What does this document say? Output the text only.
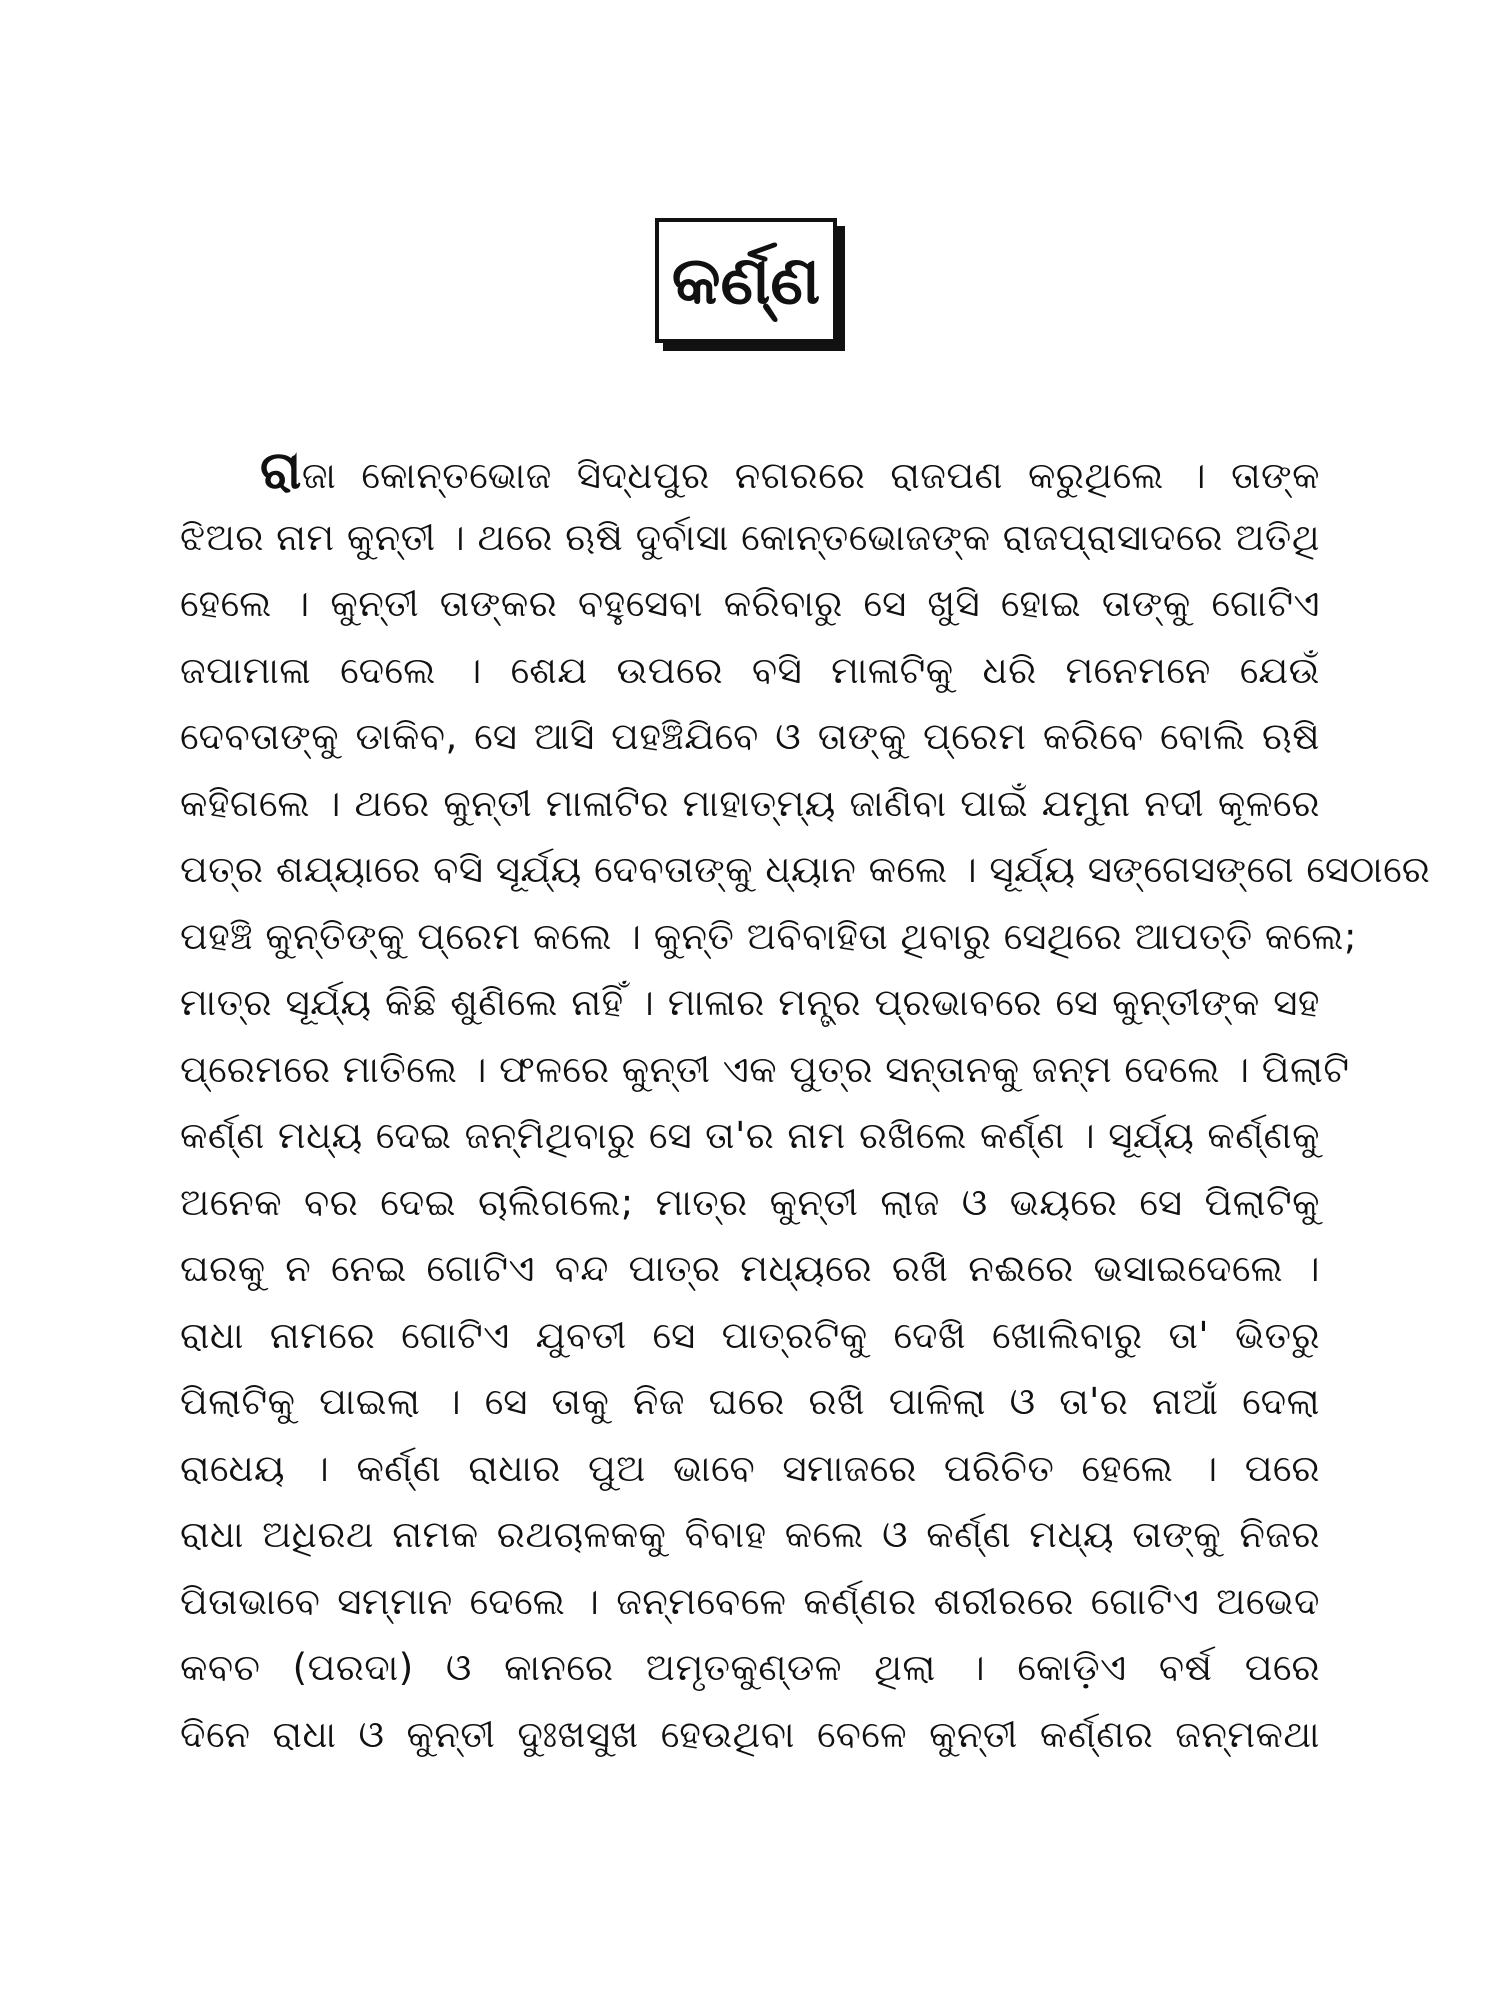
କର୍ଣ୍ଣ
ରାଜା କୋନ୍ତଭୋଜ ସିଦ୍ଧପୁର ନଗରରେ ରାଜପଣ କରୁଥିଲେ । ତାଙ୍କ
ଝିଅର ନାମ କୁନ୍ତୀ । ଥରେ ଋଷି ଦୁର୍ବାସା କୋନ୍ତଭୋଜଙ୍କ ରାଜପ୍ରାସାଦରେ ଅତିଥି
ହେଲେ । କୁନ୍ତୀ ତାଙ୍କର ବହୁସେବା କରିବାରୁ ସେ ଖୁସି ହୋଇ ତାଙ୍କୁ ଗୋଟିଏ
ଜପାମାଳା ଦେଲେ । ଶେଯ ଉପରେ ବସି ମାଳାଟିକୁ ଧରି ମନେମନେ ଯେଉଁ
ଦେବତାଙ୍କୁ ଡାକିବ, ସେ ଆସି ପହଞ୍ଚିଯିବେ ଓ ତାଙ୍କୁ ପ୍ରେମ କରିବେ ବୋଲି ଋଷି
କହିଗଲେ । ଥରେ କୁନ୍ତୀ ମାଳାଟିର ମାହାତ୍ମ୍ୟ ଜାଣିବା ପାଇଁ ଯମୁନା ନଦୀ କୂଳରେ
ପତ୍ର ଶଯ୍ୟାରେ ବସି ସୂର୍ଯ୍ୟ ଦେବତାଙ୍କୁ ଧ୍ୟାନ କଲେ । ସୂର୍ଯ୍ୟ ସଙ୍ଗେସଙ୍ଗେ ସେଠାରେ
ପହଞ୍ଚି କୁନ୍ତିଙ୍କୁ ପ୍ରେମ କଲେ । କୁନ୍ତି ଅବିବାହିତା ଥିବାରୁ ସେଥିରେ ଆପତ୍ତି କଲେ;
ମାତ୍ର ସୂର୍ଯ୍ୟ କିଛି ଶୁଣିଲେ ନାହିଁ । ମାଳାର ମନ୍ତ୍ର ପ୍ରଭାବରେ ସେ କୁନ୍ତୀଙ୍କ ସହ
ପ୍ରେମରେ ମାତିଲେ । ଫଳରେ କୁନ୍ତୀ ଏକ ପୁତ୍ର ସନ୍ତାନକୁ ଜନ୍ମ ଦେଲେ । ପିଲାଟି
କର୍ଣ୍ଣ ମଧ୍ୟ ଦେଇ ଜନ୍ମିଥିବାରୁ ସେ ତା'ର ନାମ ରଖିଲେ କର୍ଣ୍ଣ । ସୂର୍ଯ୍ୟ କର୍ଣ୍ଣକୁ
ଅନେକ ବର ଦେଇ ଚାଲିଗଲେ; ମାତ୍ର କୁନ୍ତୀ ଲାଜ ଓ ଭୟରେ ସେ ପିଲାଟିକୁ
ଘରକୁ ନ ନେଇ ଗୋଟିଏ ବନ୍ଦ ପାତ୍ର ମଧ୍ୟରେ ରଖି ନଈରେ ଭସାଇଦେଲେ ।
ରାଧା ନାମରେ ଗୋଟିଏ ଯୁବତୀ ସେ ପାତ୍ରଟିକୁ ଦେଖି ଖୋଲିବାରୁ ତା' ଭିତରୁ
ପିଲାଟିକୁ ପାଇଲା । ସେ ତାକୁ ନିଜ ଘରେ ରଖି ପାଳିଲା ଓ ତା'ର ନାଆଁ ଦେଲା
ରାଧେୟ । କର୍ଣ୍ଣ ରାଧାର ପୁଅ ଭାବେ ସମାଜରେ ପରିଚିତ ହେଲେ । ପରେ
ରାଧା ଅଧିରଥ ନାମକ ରଥଚାଳକକୁ ବିବାହ କଲେ ଓ କର୍ଣ୍ଣ ମଧ୍ୟ ତାଙ୍କୁ ନିଜର
ପିତାଭାବେ ସମ୍ମାନ ଦେଲେ । ଜନ୍ମବେଳେ କର୍ଣ୍ଣର ଶରୀରରେ ଗୋଟିଏ ଅଭେଦ
କବଚ (ପରଦା) ଓ କାନରେ ଅମୃତକୁଣ୍ଡଳ ଥିଲା । କୋଡ଼ିଏ ବର୍ଷ ପରେ
ଦିନେ ରାଧା ଓ କୁନ୍ତୀ ଦୁଃଖସୁଖ ହେଉଥିବା ବେଳେ କୁନ୍ତୀ କର୍ଣ୍ଣର ଜନ୍ମକଥା
